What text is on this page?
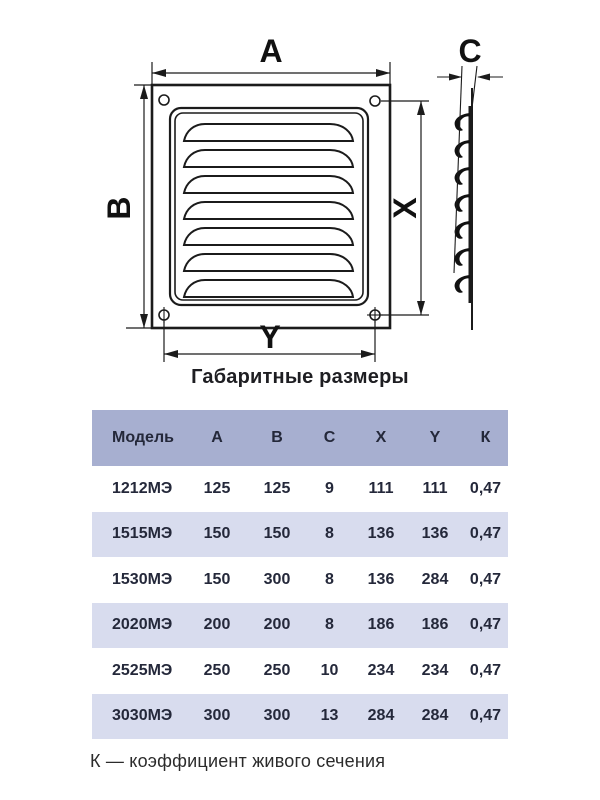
A
B	X
Y
C
Габаритные размеры
Модель	A	B	C	X	Y	К
1212МЭ	125	125	9	111	111	0,47
1515МЭ	150	150	8	136	136	0,47
1530МЭ	150	300	8	136	284	0,47
2020МЭ	200	200	8	186	186	0,47
2525МЭ	250	250	10	234	234	0,47
3030МЭ	300	300	13	284	284	0,47
К — коэффициент живого сечения
